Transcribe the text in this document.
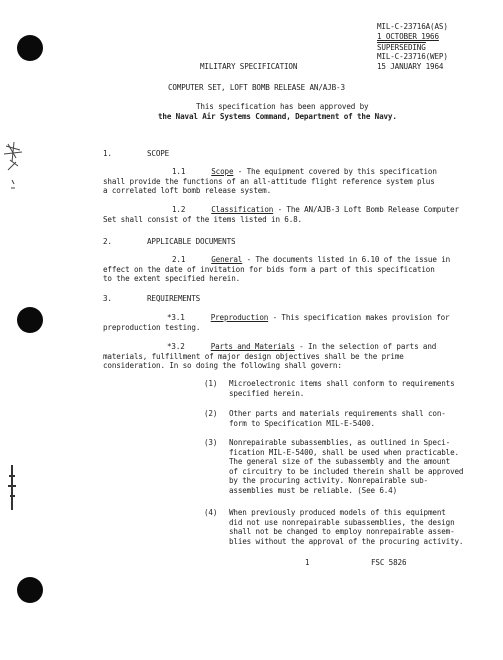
MIL-C-23716A(AS)
1 OCTOBER 1966
SUPERSEDING
MIL-C-23716(WEP)
15 JANUARY 1964
MILITARY SPECIFICATION
COMPUTER SET, LOFT BOMB RELEASE AN/AJB-3
This specification has been approved by
the Naval Air Systems Command, Department of the Navy.
1.	SCOPE
1.1	Scope - The equipment covered by this specification
shall provide the functions of an all-attitude flight reference system plus
a correlated loft bomb release system.
1.2	Classification - The AN/AJB-3 Loft Bomb Release Computer
Set shall consist of the items listed in 6.8.
2.	APPLICABLE DOCUMENTS
2.1	General - The documents listed in 6.10 of the issue in
effect on the date of invitation for bids form a part of this specification
to the extent specified herein.
3.	REQUIREMENTS
*3.1	Preproduction - This specification makes provision for
preproduction testing.
*3.2	Parts and Materials - In the selection of parts and
materials, fulfillment of major design objectives shall be the prime
consideration. In so doing the following shall govern:
(1) Microelectronic items shall conform to requirements
specified herein.
(2) Other parts and materials requirements shall con-
form to Specification MIL-E-5400.
(3) Nonrepairable subassemblies, as outlined in Speci-
fication MIL-E-5400, shall be used when practicable.
The general size of the subassembly and the amount
of circuitry to be included therein shall be approved
by the procuring activity. Nonrepairable sub-
assemblies must be reliable. (See 6.4)
(4) When previously produced models of this equipment
did not use nonrepairable subassemblies, the design
shall not be changed to employ nonrepairable assem-
blies without the approval of the procuring activity.
1	FSC 5826
